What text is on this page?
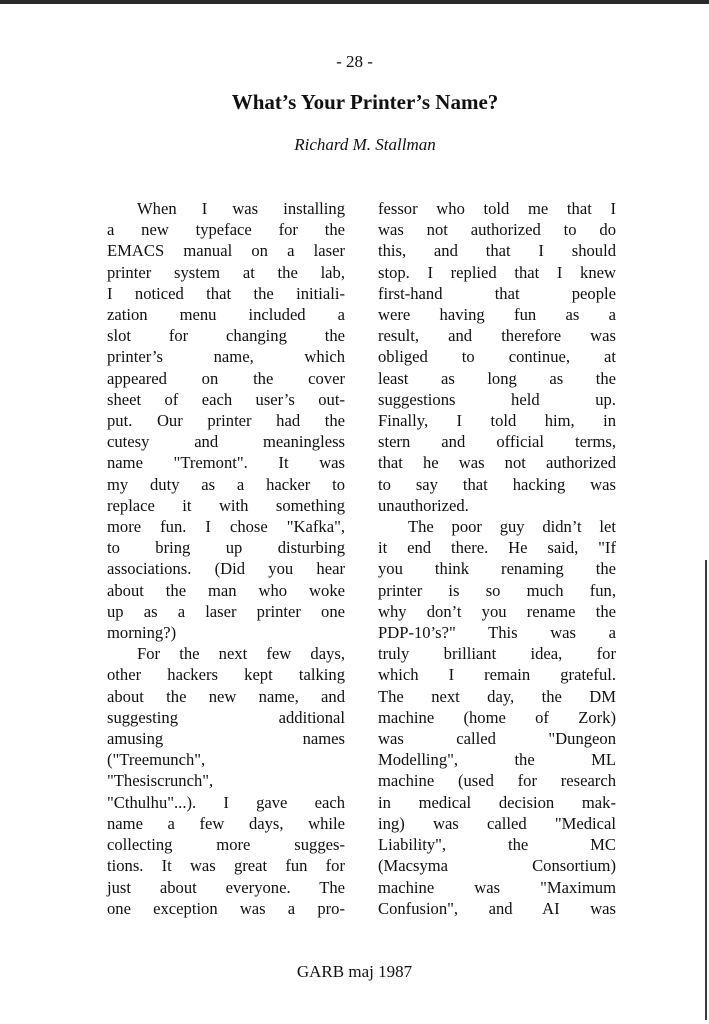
- 28 -
What’s Your Printer’s Name?
Richard M. Stallman
When I was installing
a new typeface for the
EMACS manual on a laser
printer system at the lab,
I noticed that the initiali-
zation menu included a
slot for changing the
printer’s name, which
appeared on the cover
sheet of each user’s out-
put. Our printer had the
cutesy and meaningless
name "Tremont". It was
my duty as a hacker to
replace it with something
more fun. I chose "Kafka",
to bring up disturbing
associations. (Did you hear
about the man who woke
up as a laser printer one
morning?)
For the next few days,
other hackers kept talking
about the new name, and
suggesting additional
amusing names
("Treemunch",
"Thesiscrunch",
"Cthulhu"...). I gave each
name a few days, while
collecting more sugges-
tions. It was great fun for
just about everyone. The
one exception was a pro-
fessor who told me that I
was not authorized to do
this, and that I should
stop. I replied that I knew
first-hand that people
were having fun as a
result, and therefore was
obliged to continue, at
least as long as the
suggestions held up.
Finally, I told him, in
stern and official terms,
that he was not authorized
to say that hacking was
unauthorized.
The poor guy didn’t let
it end there. He said, "If
you think renaming the
printer is so much fun,
why don’t you rename the
PDP-10’s?" This was a
truly brilliant idea, for
which I remain grateful.
The next day, the DM
machine (home of Zork)
was called "Dungeon
Modelling", the ML
machine (used for research
in medical decision mak-
ing) was called "Medical
Liability", the MC
(Macsyma Consortium)
machine was "Maximum
Confusion", and AI was
GARB maj 1987
